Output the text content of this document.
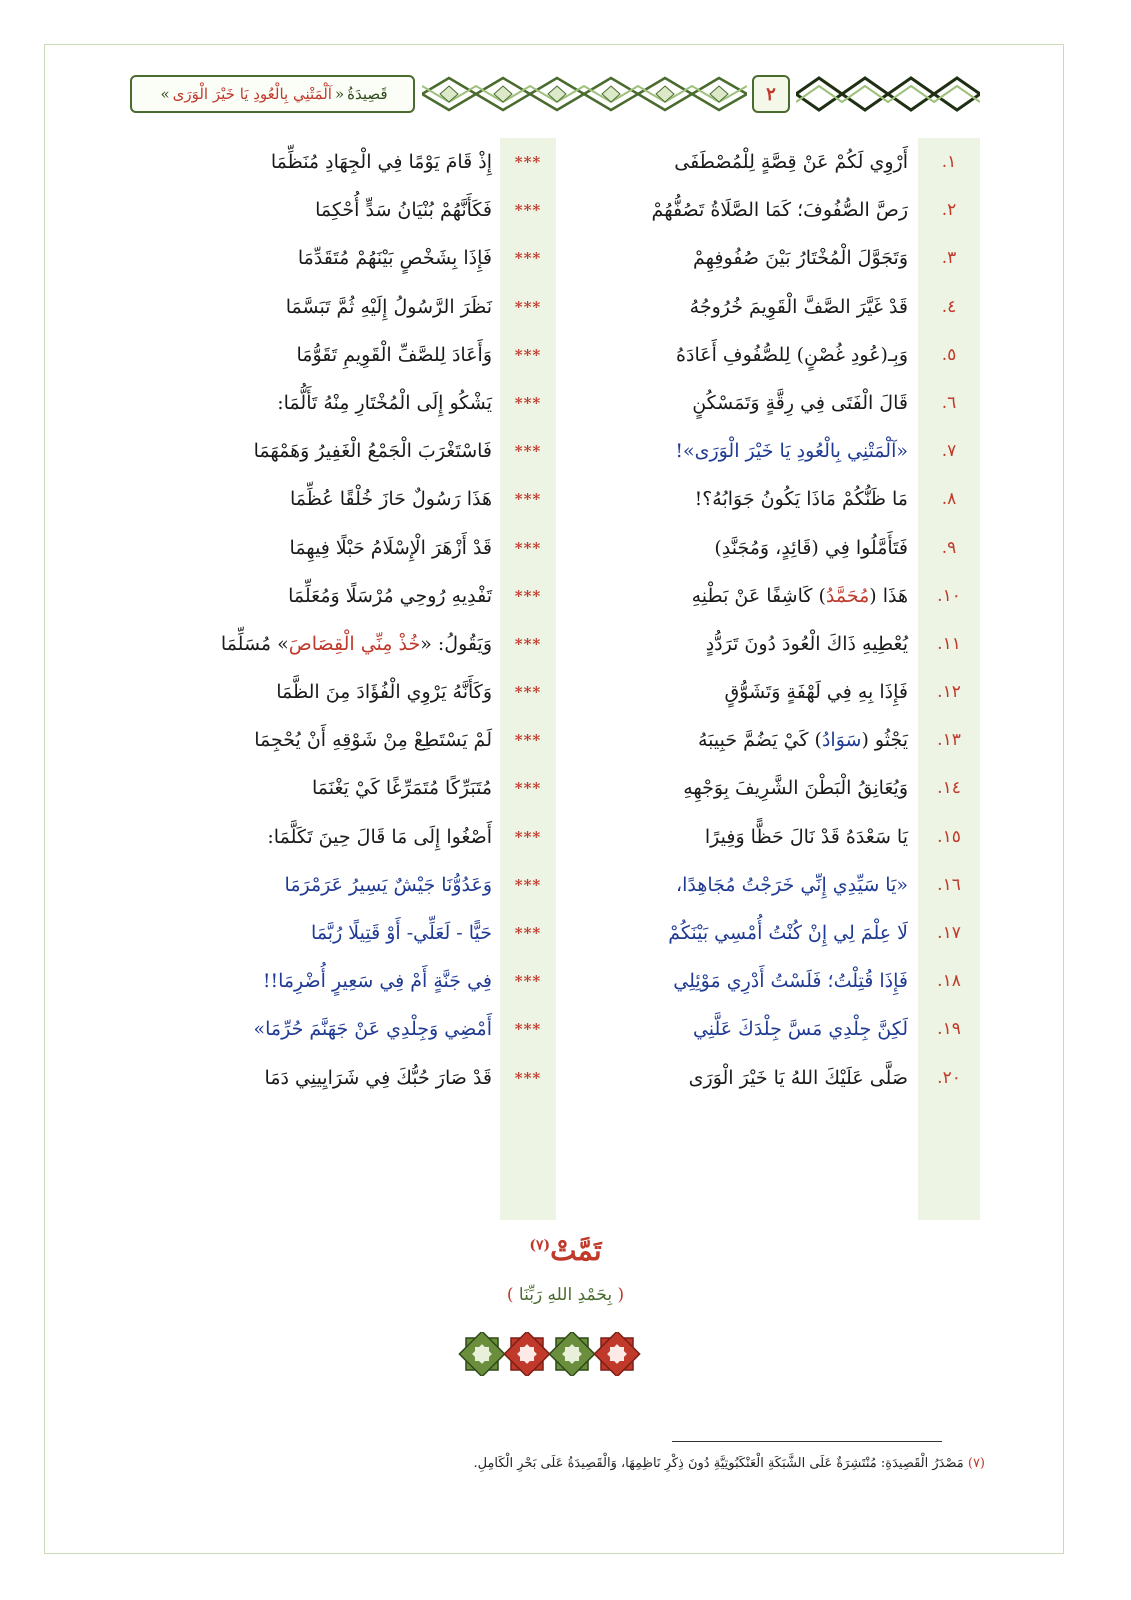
قَصِيدَةُ
«
آلْمَتْنِي بِالْعُودِ يَا خَيْرَ الْوَرَى
»	٢
١.
أَرْوِي لَكُمْ عَنْ قِصَّةٍ لِلْمُصْطَفَى
***
إِذْ قَامَ يَوْمًا فِي الْجِهَادِ مُنَظِّمَا
٢.
رَصَّ الصُّفُوفَ؛ كَمَا الصَّلَاةُ تَصُفُّهُمْ
***
فَكَأَنَّهُمْ بُنْيَانُ سَدٍّ أُحْكِمَا
٣.
وَتَجَوَّلَ الْمُخْتَارُ بَيْنَ صُفُوفِهِمْ
***
فَإِذَا بِشَخْصٍ بَيْنَهُمْ مُتَقَدِّمَا
٤.
قَدْ غَيَّرَ الصَّفَّ الْقَوِيمَ خُرُوجُهُ
***
نَظَرَ الرَّسُولُ إِلَيْهِ ثُمَّ تَبَسَّمَا
٥.
وَبِـ(عُودِ غُصْنٍ) لِلصُّفُوفِ أَعَادَهُ
***
وَأَعَادَ لِلصَّفِّ الْقَوِيمِ تَقَوُّمَا
٦.
قَالَ الْفَتَى فِي رِقَّةٍ وَتَمَسْكُنٍ
***
يَشْكُو إِلَى الْمُخْتَارِ مِنْهُ تَأَلُّمَا:
٧.
«آلْمَتْنِي بِالْعُودِ يَا خَيْرَ الْوَرَى»!
***
فَاسْتَغْرَبَ الْجَمْعُ الْغَفِيرُ وَهَمْهَمَا
٨.
مَا ظَنُّكُمْ مَاذَا يَكُونُ جَوَابُهُ؟!
***
هَذَا رَسُولٌ حَازَ خُلْقًا عُظِّمَا
٩.
فَتَأَمَّلُوا فِي (قَائِدٍ، وَمُجَنَّدِ)
***
قَدْ أَزْهَرَ الْإِسْلَامُ حَبْلًا فِيهِمَا
١٠.
هَذَا (مُحَمَّدُ) كَاشِفًا عَنْ بَطْنِهِ
***
تَفْدِيهِ رُوحِي مُرْسَلًا وَمُعَلِّمَا
١١.
يُعْطِيهِ ذَاكَ الْعُودَ دُونَ تَرَدُّدٍ
***
وَيَقُولُ: «خُذْ مِنِّي الْقِصَاصَ» مُسَلِّمَا
١٢.
فَإِذَا بِهِ فِي لَهْفَةٍ وَتَشَوُّقٍ
***
وَكَأَنَّهُ يَرْوِي الْفُؤَادَ مِنَ الظَّمَا
١٣.
يَجْثُو (سَوَادُ) كَيْ يَضُمَّ حَبِيبَهُ
***
لَمْ يَسْتَطِعْ مِنْ شَوْقِهِ أَنْ يُحْجِمَا
١٤.
وَيُعَانِقُ الْبَطْنَ الشَّرِيفَ بِوَجْهِهِ
***
مُتَبَرِّكًا مُتَمَرِّغًا كَيْ يَغْنَمَا
١٥.
يَا سَعْدَهُ قَدْ نَالَ حَظًّا وَفِيرًا
***
أَصْغُوا إِلَى مَا قَالَ حِينَ تَكَلَّمَا:
١٦.
«يَا سَيِّدِي إِنِّي خَرَجْتُ مُجَاهِدًا،
***
وَعَدُوُّنَا جَيْشٌ يَسِيرُ عَرَمْرَمَا
١٧.
لَا عِلْمَ لِي إِنْ كُنْتُ أُمْسِي بَيْنَكُمْ
***
حَيًّا - لَعَلِّي- أَوْ قَتِيلًا رُبَّمَا
١٨.
فَإِذَا قُتِلْتُ؛ فَلَسْتُ أَدْرِي مَوْئِلِي
***
فِي جَنَّةٍ أَمْ فِي سَعِيرٍ أُضْرِمَا!!
١٩.
لَكِنَّ جِلْدِي مَسَّ جِلْدَكَ عَلَّنِي
***
أَمْضِي وَجِلْدِي عَنْ جَهَنَّمَ حُرِّمَا»
٢٠.
صَلَّى عَلَيْكَ اللهُ يَا خَيْرَ الْوَرَى
***
قَدْ صَارَ حُبُّكَ فِي شَرَايِينِي دَمَا
تَمَّتْ$^{(٧)}$
( بِحَمْدِ اللهِ رَبِّنَا )
(٧) مَصْدَرُ الْقَصِيدَةِ: مُنْتَشِرَةٌ عَلَى الشَّبَكَةِ الْعَنْكَبُوتِيَّةِ دُونَ ذِكْرِ نَاظِمِهَا، وَالْقَصِيدَةُ عَلَى بَحْرِ الْكَامِلِ.
